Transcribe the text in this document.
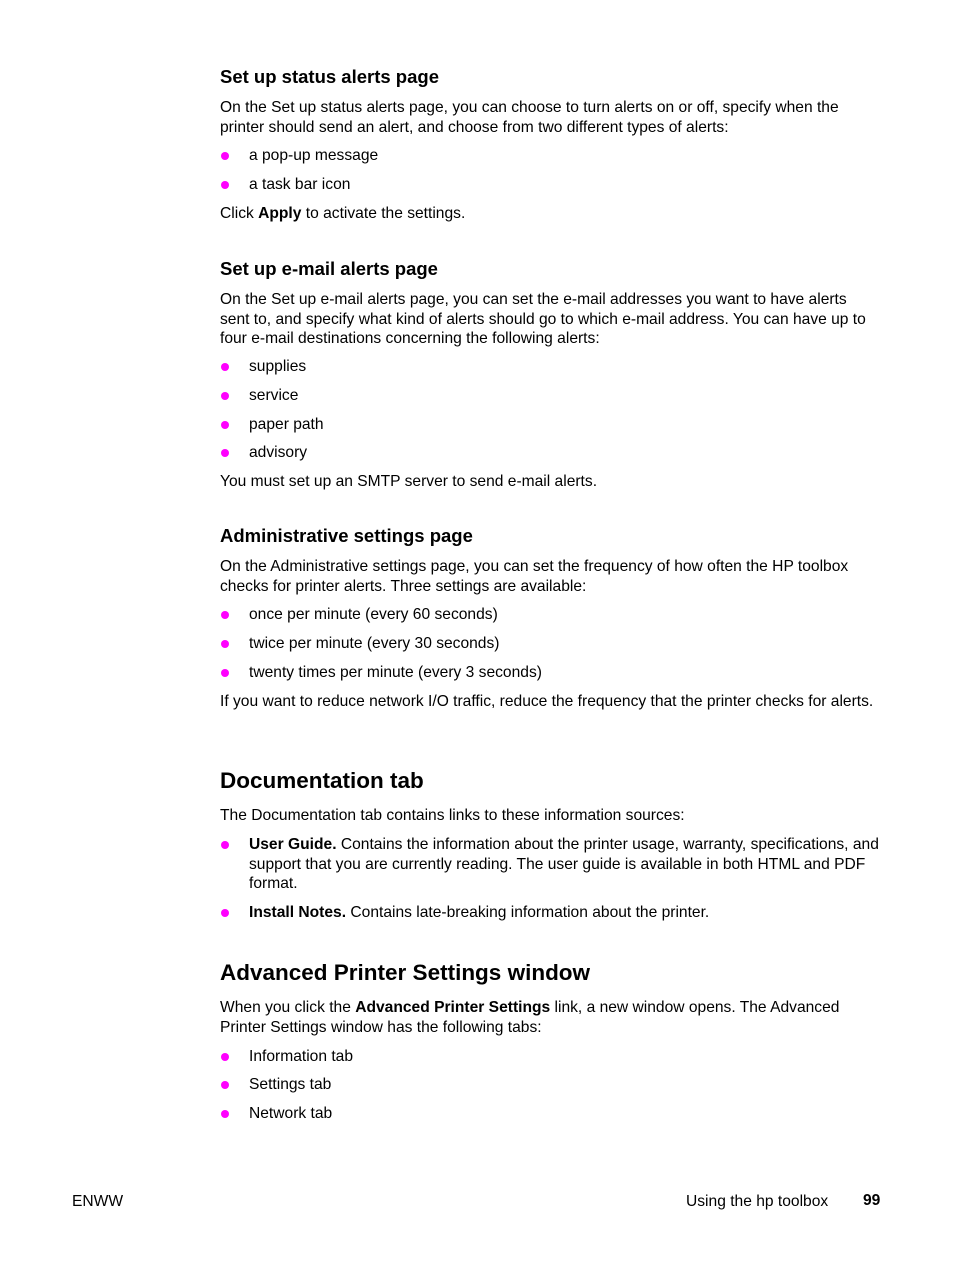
Set up status alerts page

On the Set up status alerts page, you can choose to turn alerts on or off, specify when the printer should send an alert, and choose from two different types of alerts:

a pop-up message
a task bar icon

Click Apply to activate the settings.

Set up e-mail alerts page

On the Set up e-mail alerts page, you can set the e-mail addresses you want to have alerts sent to, and specify what kind of alerts should go to which e-mail address. You can have up to four e-mail destinations concerning the following alerts:

supplies
service
paper path
advisory

You must set up an SMTP server to send e-mail alerts.

Administrative settings page

On the Administrative settings page, you can set the frequency of how often the HP toolbox checks for printer alerts. Three settings are available:

once per minute (every 60 seconds)
twice per minute (every 30 seconds)
twenty times per minute (every 3 seconds)

If you want to reduce network I/O traffic, reduce the frequency that the printer checks for alerts.

Documentation tab

The Documentation tab contains links to these information sources:

User Guide. Contains the information about the printer usage, warranty, specifications, and support that you are currently reading. The user guide is available in both HTML and PDF format.
Install Notes. Contains late-breaking information about the printer.
Advanced Printer Settings window

When you click the Advanced Printer Settings link, a new window opens. The Advanced Printer Settings window has the following tabs:

Information tab
Settings tab
Network tab
ENWW	Using the hp toolbox 99
